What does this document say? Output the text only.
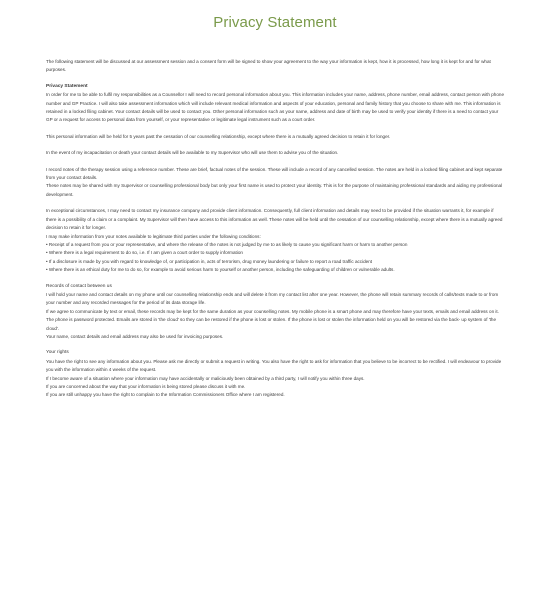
Privacy Statement

The following statement will be discussed at our assessment session and a consent form will be signed to show your agreement to the way your information is kept, how it is processed, how long it is kept for and for what purposes.

Privacy Statement

In order for me to be able to fulfil my responsibilities as a Counsellor I will need to record personal information about you. This information includes your name, address, phone number, email address, contact person with phone number and GP Practice. I will also take assessment information which will include relevant medical information and aspects of your education, personal and family history that you choose to share with me. This information is retained in a locked filing cabinet. Your contact details will be used to contact you. Other personal information such as your name, address and date of birth may be used to verify your identity if there is a need to contact your GP or a request for access to personal data from yourself, or your representative or legitimate legal instrument such as a court order.

This personal information will be held for 5 years past the cessation of our counselling relationship, except where there is a mutually agreed decision to retain it for longer.

In the event of my incapacitation or death your contact details will be available to my Supervisor who will use them to advise you of the situation.

I record notes of the therapy session using a reference number. These are brief, factual notes of the session. These will include a record of any cancelled session. The notes are held in a locked filing cabinet and kept separate from your contact details.

These notes may be shared with my Supervisor or counselling professional body but only your first name is used to protect your identity. This is for the purpose of maintaining professional standards and aiding my professional development.

In exceptional circumstances, I may need to contact my insurance company and provide client information. Consequently, full client information and details may need to be provided if the situation warrants it, for example if there is a possibility of a claim or a complaint. My Supervisor will then have access to this information as well. These notes will be held until the cessation of our counselling relationship, except where there is a mutually agreed decision to retain it for longer.

I may make information from your notes available to legitimate third parties under the following conditions:

• Receipt of a request from you or your representative, and where the release of the notes is not judged by me to as likely to cause you significant harm or harm to another person

• Where there is a legal requirement to do so, i.e. If I am given a court order to supply information

• If a disclosure is made by you with regard to knowledge of, or participation in, acts of terrorism, drug money laundering or failure to report a road traffic accident

• Where there is an ethical duty for me to do so, for example to avoid serious harm to yourself or another person, including the safeguarding of children or vulnerable adults.

Records of contact between us

I will hold your name and contact details on my phone until our counselling relationship ends and will delete it from my contact list after one year. However, the phone will retain summary records of calls/texts made to or from your number and any recorded messages for the period of its data storage life.

If we agree to communicate by text or email, these records may be kept for the same duration as your counselling notes. My mobile phone is a smart phone and may therefore have your texts, emails and email address on it. The phone is password protected. Emails are stored in 'the cloud' so they can be restored if the phone is lost or stolen. If the phone is lost or stolen the information held on you will be restored via the back- up system of 'the cloud'.

Your name, contact details and email address may also be used for invoicing purposes.

Your rights

You have the right to see any information about you. Please ask me directly or submit a request in writing. You also have the right to ask for information that you believe to be incorrect to be rectified. I will endeavour to provide you with the information within 4 weeks of the request.

If I become aware of a situation where your information may have accidentally or maliciously been obtained by a third party, I will notify you within three days.

If you are concerned about the way that your information is being stored please discuss it with me.

If you are still unhappy you have the right to complain to the Information Commissioners Office where I am registered.
